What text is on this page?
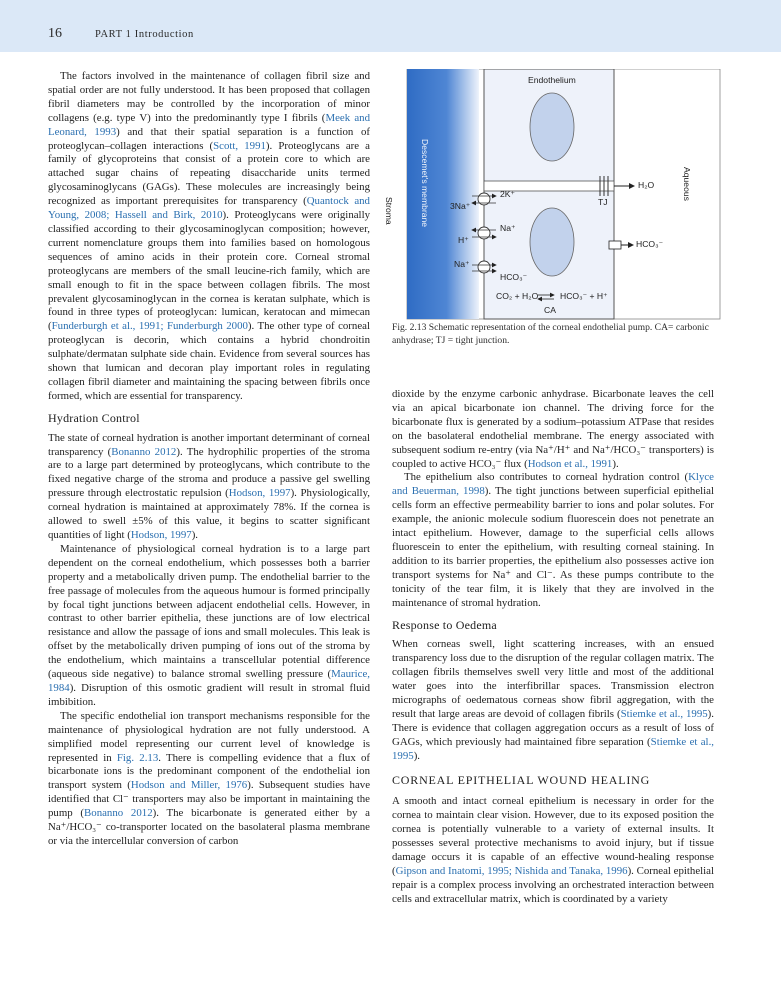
16	PART 1 Introduction

The factors involved in the maintenance of collagen fibril size and spatial order are not fully understood. It has been proposed that collagen fibril diameters may be controlled by the incorporation of minor collagens (e.g. type V) into the predominantly type I fibrils (Meek and Leonard, 1993) and that their spatial separation is a function of proteoglycan–collagen interactions (Scott, 1991). Proteoglycans are a family of glycoproteins that consist of a protein core to which are attached sugar chains of repeating disaccharide units termed glycosaminoglycans (GAGs). These molecules are increasingly being recognized as important prerequisites for transparency (Quantock and Young, 2008; Hassell and Birk, 2010). Proteoglycans were originally classified according to their glycosaminoglycan composition; however, current nomenclature groups them into families based on homologous sequences of amino acids in their protein core. Corneal stromal proteoglycans are members of the small leucine-rich family, which are small enough to fit in the space between collagen fibrils. The most prevalent glycosaminoglycan in the cornea is keratan sulphate, which is found in three types of proteoglycan: lumican, keratocan and mimecan (Funderburgh et al., 1991; Funderburgh 2000). The other type of corneal proteoglycan is decorin, which contains a hybrid chondroitin sulphate/dermatan sulphate side chain. Evidence from several sources has shown that lumican and decoran play important roles in regulating collagen fibril diameter and maintaining the spacing between fibrils once formed, which are essential for transparency.

Hydration Control

The state of corneal hydration is another important determinant of corneal transparency (Bonanno 2012). The hydrophilic properties of the stroma are to a large part determined by proteoglycans, which contribute to the fixed negative charge of the stroma and produce a passive gel swelling pressure through electrostatic repulsion (Hodson, 1997). Physiologically, corneal hydration is maintained at approximately 78%. If the cornea is allowed to swell ±5% of this value, it begins to scatter significant quantities of light (Hodson, 1997).

Maintenance of physiological corneal hydration is to a large part dependent on the corneal endothelium, which possesses both a barrier property and a metabolically driven pump. The endothelial barrier to the free passage of molecules from the aqueous humour is formed principally by focal tight junctions between adjacent endothelial cells. However, in contrast to other barrier epithelia, these junctions are of low electrical resistance and allow the passage of ions and small molecules. This leak is offset by the metabolically driven pumping of ions out of the stroma by the endothelium, which maintains a transcellular potential difference (aqueous side negative) to balance stromal swelling pressure (Maurice, 1984). Disruption of this osmotic gradient will result in stromal fluid imbibition.

The specific endothelial ion transport mechanisms responsible for the maintenance of physiological hydration are not fully understood. A simplified model representing our current level of knowledge is represented in Fig. 2.13. There is compelling evidence that a flux of bicarbonate ions is the predominant component of the endothelial ion transport system (Hodson and Miller, 1976). Subsequent studies have identified that Cl⁻ transporters may also be important in maintaining the pump (Bonanno 2012). The bicarbonate is generated either by a Na⁺/HCO₃⁻ co-transporter located on the basolateral plasma membrane or via the intercellular conversion of carbon

Endothelium
Stroma	Descemet's membrane	Aqueous
2K⁺
3Na⁺
Na⁺
H⁺
Na⁺
HCO₃⁻
CO₂ + H₂O	HCO₃⁻ + H⁺
CA
TJ
H₂O
HCO₃⁻
Fig. 2.13 Schematic representation of the corneal endothelial pump. CA= carbonic anhydrase; TJ = tight junction.

dioxide by the enzyme carbonic anhydrase. Bicarbonate leaves the cell via an apical bicarbonate ion channel. The driving force for the bicarbonate flux is generated by a sodium–potassium ATPase that resides on the basolateral endothelial membrane. The energy associated with subsequent sodium re-entry (via Na⁺/H⁺ and Na⁺/HCO₃⁻ transporters) is coupled to active HCO₃⁻ flux (Hodson et al., 1991).

The epithelium also contributes to corneal hydration control (Klyce and Beuerman, 1998). The tight junctions between superficial epithelial cells form an effective permeability barrier to ions and polar solutes. For example, the anionic molecule sodium fluorescein does not penetrate an intact epithelium. However, damage to the superficial cells allows fluorescein to enter the epithelium, with resulting corneal staining. In addition to its barrier properties, the epithelium also possesses active ion transport systems for Na⁺ and Cl⁻. As these pumps contribute to the tonicity of the tear film, it is likely that they are involved in the maintenance of stromal hydration.

Response to Oedema

When corneas swell, light scattering increases, with an ensued transparency loss due to the disruption of the regular collagen matrix. The collagen fibrils themselves swell very little and most of the additional water goes into the interfibrillar spaces. Transmission electron micrographs of oedematous corneas show fibril aggregation, with the result that large areas are devoid of collagen fibrils (Stiemke et al., 1995). There is evidence that collagen aggregation occurs as a result of loss of GAGs, which previously had maintained fibre separation (Stiemke et al., 1995).

CORNEAL EPITHELIAL WOUND HEALING

A smooth and intact corneal epithelium is necessary in order for the cornea to maintain clear vision. However, due to its exposed position the cornea is potentially vulnerable to a variety of external insults. It possesses several protective mechanisms to avoid injury, but if tissue damage occurs it is capable of an effective wound-healing response (Gipson and Inatomi, 1995; Nishida and Tanaka, 1996). Corneal epithelial repair is a complex process involving an orchestrated interaction between cells and extracellular matrix, which is coordinated by a variety
